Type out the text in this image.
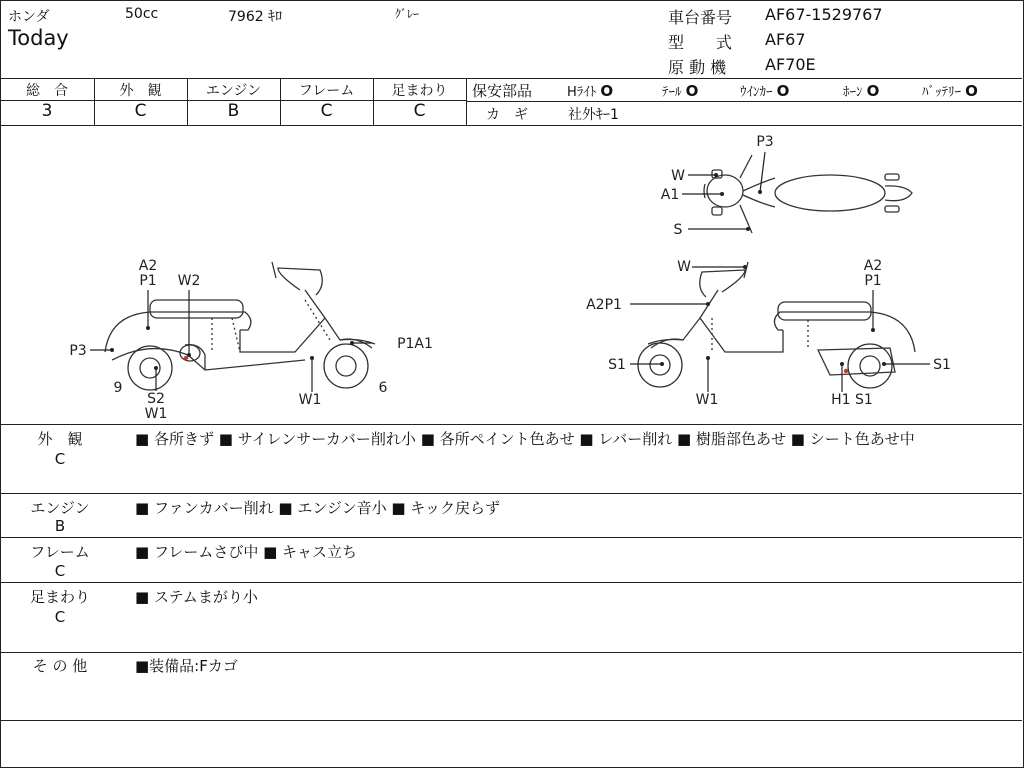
ホンダ	50cc	7962 ｷﾛ	ｸﾞﾚｰ
Today
車台番号 AF67-1529767
型　　式 AF67
原 動 機 AF70E
総　合	外　観	エンジン	フレーム	足まわり
3	C	B	C	C
保安部品	Hﾗｲﾄ O	ﾃｰﾙ O	ｳｲﾝｶｰ O	ﾎｰﾝ O	ﾊﾞｯﾃﾘｰ O
カ　ギ	社外ｷｰ1
P3
W
A1
S
A2
P1 W2
P3	P1A1
9
S2
W1
W1
6
W	A2
P1
A2P1
S1	S1
W1	H1 S1
外　観
C
■ 各所きず ■ サイレンサーカバー削れ小 ■ 各所ペイント色あせ ■ レバー削れ ■ 樹脂部色あせ ■ シート色あせ中
エンジン
B
■ ファンカバー削れ ■ エンジン音小 ■ キック戻らず
フレーム
C
■ フレームさび中 ■ キャス立ち
足まわり
C
■ ステムまがり小
そ の 他	■装備品:Fカゴ
